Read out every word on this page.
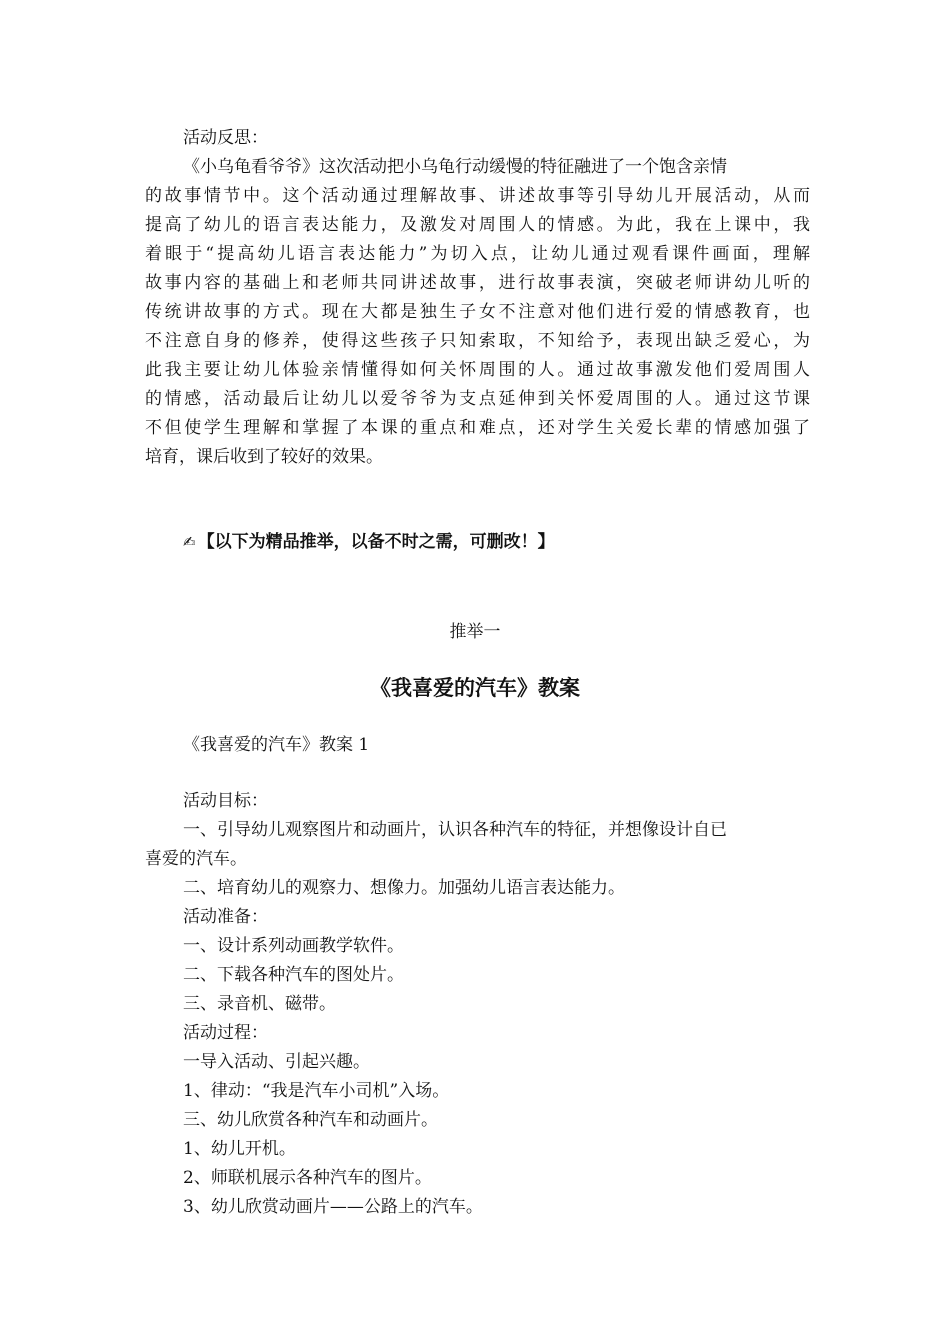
活动反思：
《小乌龟看爷爷》这次活动把小乌龟行动缓慢的特征融进了一个饱含亲情
的故事情节中。这个活动通过理解故事、讲述故事等引导幼儿开展活动，从而
提高了幼儿的语言表达能力，及激发对周围人的情感。为此，我在上课中，我
着眼于“提高幼儿语言表达能力”为切入点，让幼儿通过观看课件画面，理解
故事内容的基础上和老师共同讲述故事，进行故事表演，突破老师讲幼儿听的
传统讲故事的方式。现在大都是独生子女不注意对他们进行爱的情感教育，也
不注意自身的修养，使得这些孩子只知索取，不知给予，表现出缺乏爱心，为
此我主要让幼儿体验亲情懂得如何关怀周围的人。通过故事激发他们爱周围人
的情感，活动最后让幼儿以爱爷爷为支点延伸到关怀爱周围的人。通过这节课
不但使学生理解和掌握了本课的重点和难点，还对学生关爱长辈的情感加强了
培育，课后收到了较好的效果。
✍ 【以下为精品推举，以备不时之需，可删改！】
推举一
《我喜爱的汽车》教案
《我喜爱的汽车》教案 1
活动目标：
一、引导幼儿观察图片和动画片，认识各种汽车的特征，并想像设计自已
喜爱的汽车。
二、培育幼儿的观察力、想像力。加强幼儿语言表达能力。
活动准备：
一、设计系列动画教学软件。
二、下载各种汽车的图处片。
三、录音机、磁带。
活动过程：
一导入活动、引起兴趣。
1、律动：“我是汽车小司机”入场。
三、幼儿欣赏各种汽车和动画片。
1、幼儿开机。
2、师联机展示各种汽车的图片。
3、幼儿欣赏动画片——公路上的汽车。
